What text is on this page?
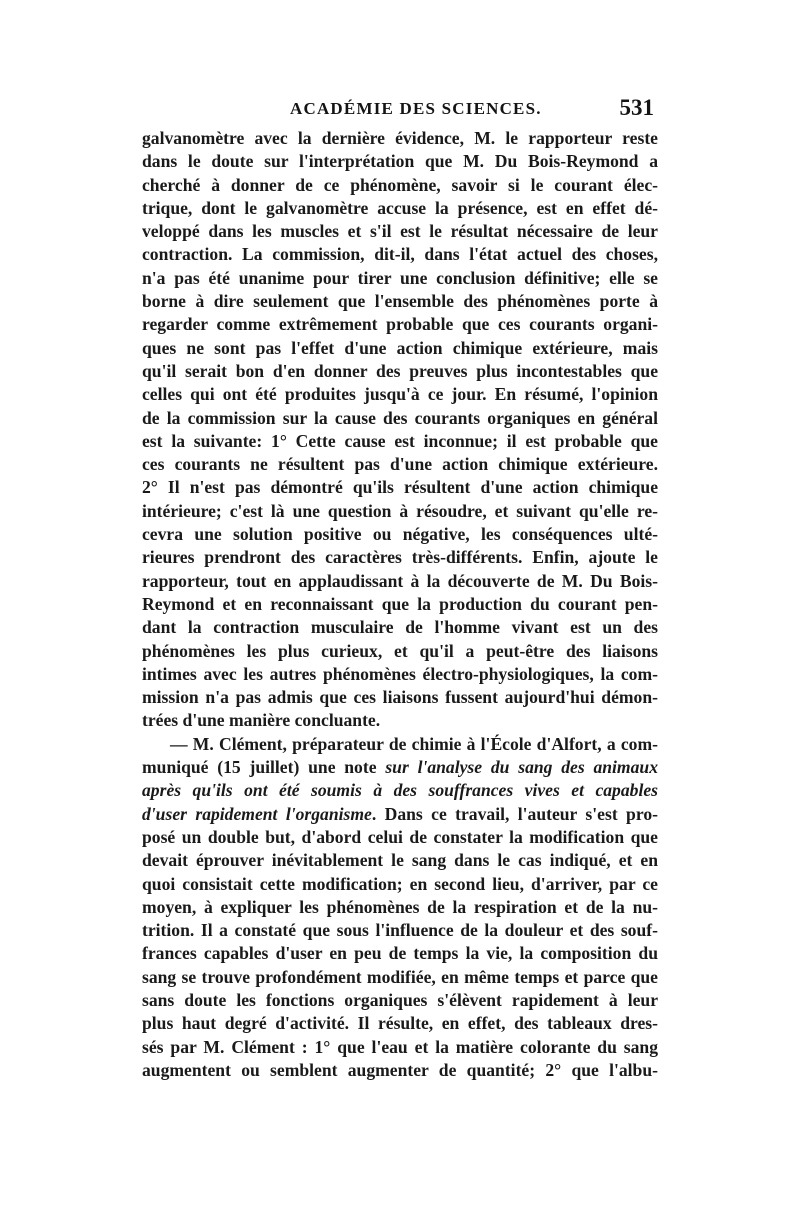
ACADÉMIE DES SCIENCES.	531
galvanomètre avec la dernière évidence, M. le rapporteur reste
dans le doute sur l'interprétation que M. Du Bois-Reymond a
cherché à donner de ce phénomène, savoir si le courant élec-
trique, dont le galvanomètre accuse la présence, est en effet dé-
veloppé dans les muscles et s'il est le résultat nécessaire de leur
contraction. La commission, dit-il, dans l'état actuel des choses,
n'a pas été unanime pour tirer une conclusion définitive; elle se
borne à dire seulement que l'ensemble des phénomènes porte à
regarder comme extrêmement probable que ces courants organi-
ques ne sont pas l'effet d'une action chimique extérieure, mais
qu'il serait bon d'en donner des preuves plus incontestables que
celles qui ont été produites jusqu'à ce jour. En résumé, l'opinion
de la commission sur la cause des courants organiques en général
est la suivante: 1° Cette cause est inconnue; il est probable que
ces courants ne résultent pas d'une action chimique extérieure.
2° Il n'est pas démontré qu'ils résultent d'une action chimique
intérieure; c'est là une question à résoudre, et suivant qu'elle re-
cevra une solution positive ou négative, les conséquences ulté-
rieures prendront des caractères très-différents. Enfin, ajoute le
rapporteur, tout en applaudissant à la découverte de M. Du Bois-
Reymond et en reconnaissant que la production du courant pen-
dant la contraction musculaire de l'homme vivant est un des
phénomènes les plus curieux, et qu'il a peut-être des liaisons
intimes avec les autres phénomènes électro-physiologiques, la com-
mission n'a pas admis que ces liaisons fussent aujourd'hui démon-
trées d'une manière concluante.
— M. Clément, préparateur de chimie à l'École d'Alfort, a com-
muniqué (15 juillet) une note sur l'analyse du sang des animaux
après qu'ils ont été soumis à des souffrances vives et capables
d'user rapidement l'organisme. Dans ce travail, l'auteur s'est pro-
posé un double but, d'abord celui de constater la modification que
devait éprouver inévitablement le sang dans le cas indiqué, et en
quoi consistait cette modification; en second lieu, d'arriver, par ce
moyen, à expliquer les phénomènes de la respiration et de la nu-
trition. Il a constaté que sous l'influence de la douleur et des souf-
frances capables d'user en peu de temps la vie, la composition du
sang se trouve profondément modifiée, en même temps et parce que
sans doute les fonctions organiques s'élèvent rapidement à leur
plus haut degré d'activité. Il résulte, en effet, des tableaux dres-
sés par M. Clément : 1° que l'eau et la matière colorante du sang
augmentent ou semblent augmenter de quantité; 2° que l'albu-
